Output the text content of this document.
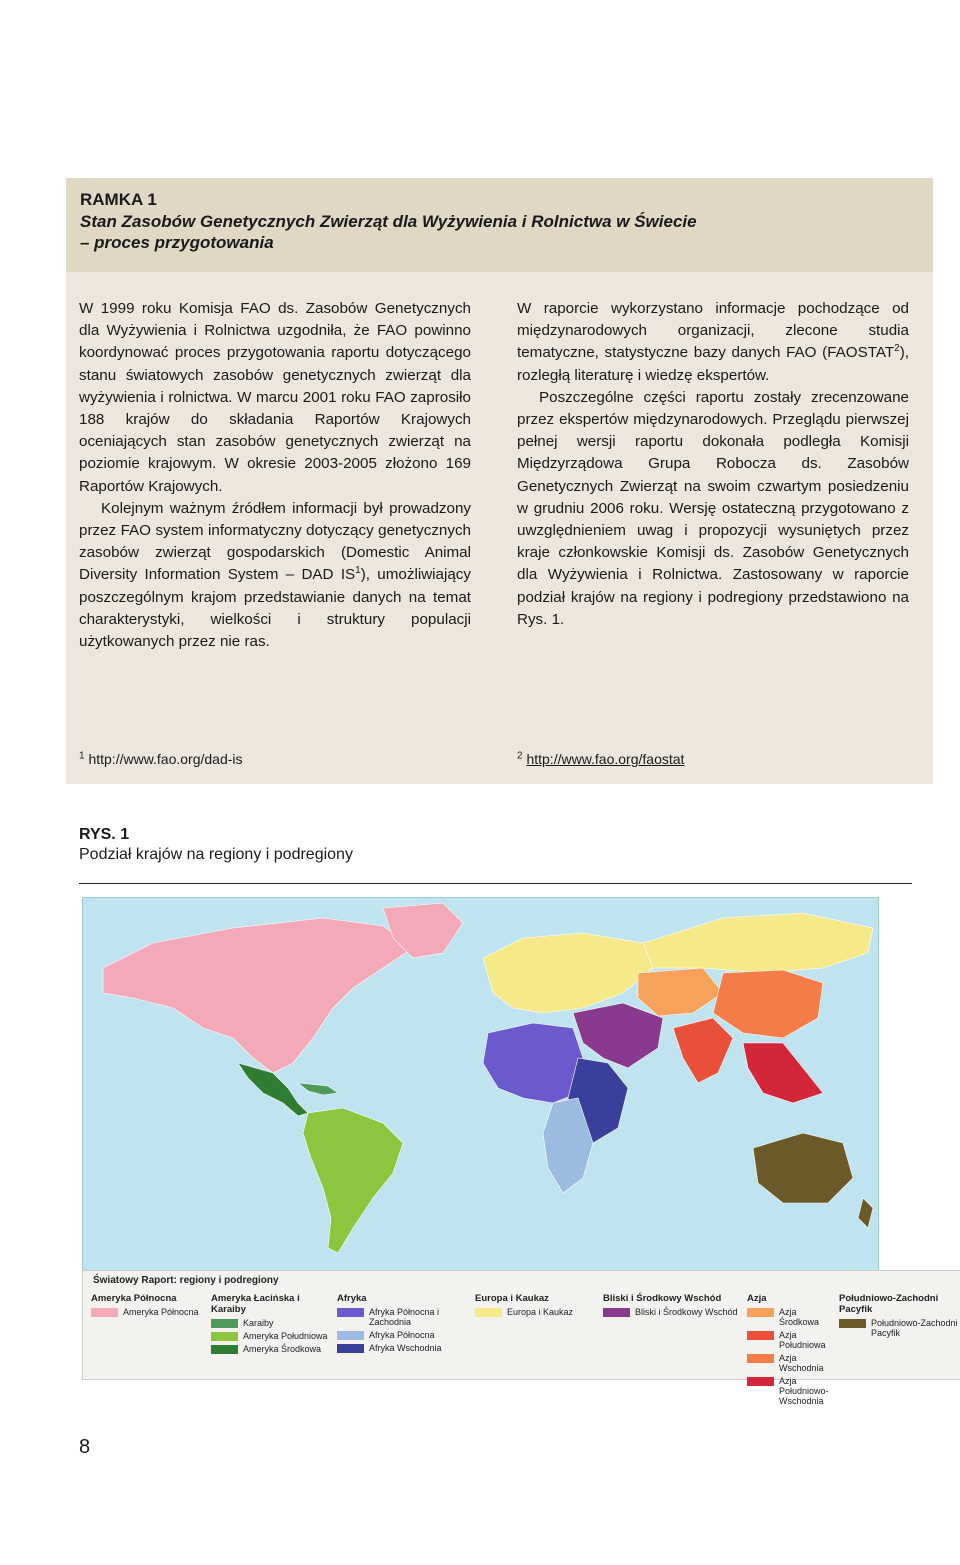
RAMKA 1
Stan Zasobów Genetycznych Zwierząt dla Wyżywienia i Rolnictwa w Świecie
– proces przygotowania

W 1999 roku Komisja FAO ds. Zasobów Genetycznych dla Wyżywienia i Rolnictwa uzgodniła, że FAO powinno koordynować proces przygotowania raportu dotyczącego stanu światowych zasobów genetycznych zwierząt dla wyżywienia i rolnictwa. W marcu 2001 roku FAO zaprosiło 188 krajów do składania Raportów Krajowych oceniających stan zasobów genetycznych zwierząt na poziomie krajowym. W okresie 2003-2005 złożono 169 Raportów Krajowych.

Kolejnym ważnym źródłem informacji był prowadzony przez FAO system informatyczny dotyczący genetycznych zasobów zwierząt gospodarskich (Domestic Animal Diversity Information System – DAD $IS^1$), umożliwiający poszczególnym krajom przedstawianie danych na temat charakterystyki, wielkości i struktury populacji użytkowanych przez nie ras.

W raporcie wykorzystano informacje pochodzące od międzynarodowych organizacji, zlecone studia tematyczne, statystyczne bazy danych FAO (FAOSTAT$^2$), rozległą literaturę i wiedzę ekspertów.

Poszczególne części raportu zostały zrecenzowane przez ekspertów międzynarodowych. Przeglądu pierwszej pełnej wersji raportu dokonała podległa Komisji Międzyrządowa Grupa Robocza ds. Zasobów Genetycznych Zwierząt na swoim czwartym posiedzeniu w grudniu 2006 roku. Wersję ostateczną przygotowano z uwzględnieniem uwag i propozycji wysuniętych przez kraje członkowskie Komisji ds. Zasobów Genetycznych dla Wyżywienia i Rolnictwa. Zastosowany w raporcie podział krajów na regiony i podregiony przedstawiono na Rys. 1.

$^1$ http://www.fao.org/dad-is	$^2$ http://www.fao.org/faostat
RYS. 1
Podział krajów na regiony i podregiony
Światowy Raport: regiony i podregiony
Ameryka Północna
Ameryka Północna
Ameryka Łacińska i Karaiby
Karaiby
Ameryka Południowa
Ameryka Środkowa
Afryka
Afryka Północna i Zachodnia
Afryka Północna
Afryka Wschodnia
Europa i Kaukaz
Europa i Kaukaz
Bliski i Środkowy Wschód
Bliski i Środkowy Wschód
Azja
Azja Środkowa
Azja Południowa
Azja Wschodnia
Azja Południowo-Wschodnia
Południowo-Zachodni Pacyfik
Południowo-Zachodni Pacyfik
8
